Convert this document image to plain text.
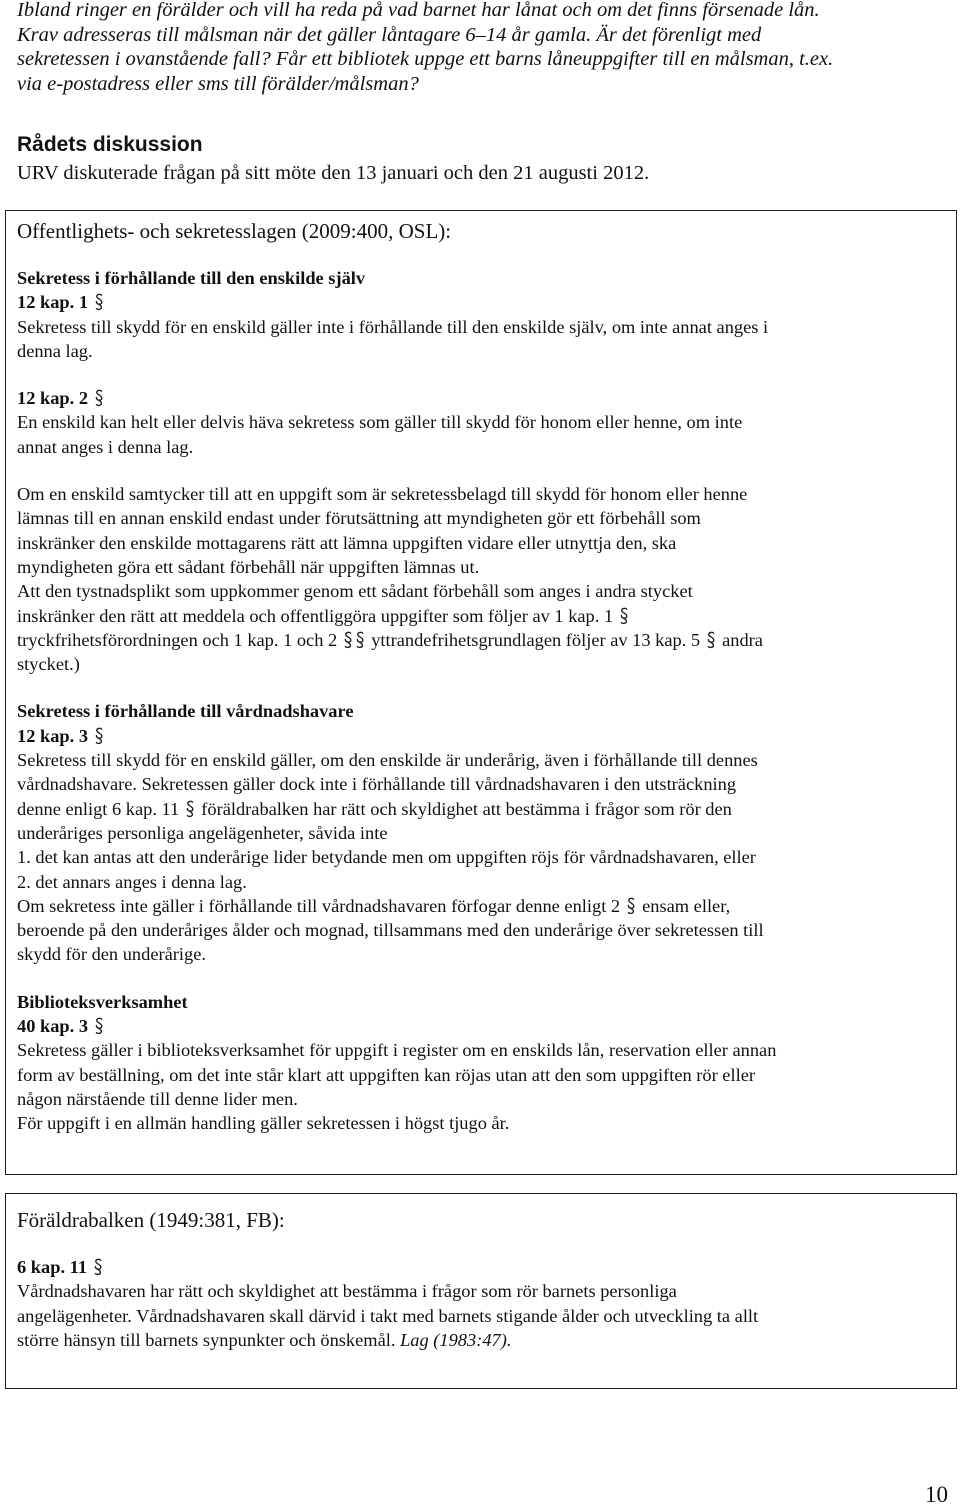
Ibland ringer en förälder och vill ha reda på vad barnet har lånat och om det finns försenade lån.

Krav adresseras till målsman när det gäller låntagare 6–14 år gamla. Är det förenligt med

sekretessen i ovanstående fall? Får ett bibliotek uppge ett barns låneuppgifter till en målsman, t.ex.

via e-postadress eller sms till förälder/målsman?

Rådets diskussion
URV diskuterade frågan på sitt möte den 13 januari och den 21 augusti 2012.

Offentlighets- och sekretesslagen (2009:400, OSL):

Sekretess i förhållande till den enskilde själv

12 kap. 1

Sekretess till skydd för en enskild gäller inte i förhållande till den enskilde själv, om inte annat anges i

denna lag.

12 kap. 2

En enskild kan helt eller delvis häva sekretess som gäller till skydd för honom eller henne, om inte

annat anges i denna lag.

Om en enskild samtycker till att en uppgift som är sekretessbelagd till skydd för honom eller henne

lämnas till en annan enskild endast under förutsättning att myndigheten gör ett förbehåll som

inskränker den enskilde mottagarens rätt att lämna uppgiften vidare eller utnyttja den, ska

myndigheten göra ett sådant förbehåll när uppgiften lämnas ut.

Att den tystnadsplikt som uppkommer genom ett sådant förbehåll som anges i andra stycket

inskränker den rätt att meddela och offentliggöra uppgifter som följer av 1 kap. 1

tryckfrihetsförordningen och 1 kap. 1 och 2 yttrandefrihetsgrundlagen följer av 13 kap. 5 andra

stycket.)

Sekretess i förhållande till vårdnadshavare

12 kap. 3

Sekretess till skydd för en enskild gäller, om den enskilde är underårig, även i förhållande till dennes

vårdnadshavare. Sekretessen gäller dock inte i förhållande till vårdnadshavaren i den utsträckning

denne enligt 6 kap. 11 föräldrabalken har rätt och skyldighet att bestämma i frågor som rör den

underåriges personliga angelägenheter, såvida inte

1. det kan antas att den underårige lider betydande men om uppgiften röjs för vårdnadshavaren, eller

2. det annars anges i denna lag.

Om sekretess inte gäller i förhållande till vårdnadshavaren förfogar denne enligt 2 ensam eller,

beroende på den underåriges ålder och mognad, tillsammans med den underårige över sekretessen till

skydd för den underårige.

Biblioteksverksamhet

40 kap. 3

Sekretess gäller i biblioteksverksamhet för uppgift i register om en enskilds lån, reservation eller annan

form av beställning, om det inte står klart att uppgiften kan röjas utan att den som uppgiften rör eller

någon närstående till denne lider men.

För uppgift i en allmän handling gäller sekretessen i högst tjugo år.

Föräldrabalken (1949:381, FB):

6 kap. 11

Vårdnadshavaren har rätt och skyldighet att bestämma i frågor som rör barnets personliga

angelägenheter. Vårdnadshavaren skall därvid i takt med barnets stigande ålder och utveckling ta allt

större hänsyn till barnets synpunkter och önskemål. Lag (1983:47).

10
